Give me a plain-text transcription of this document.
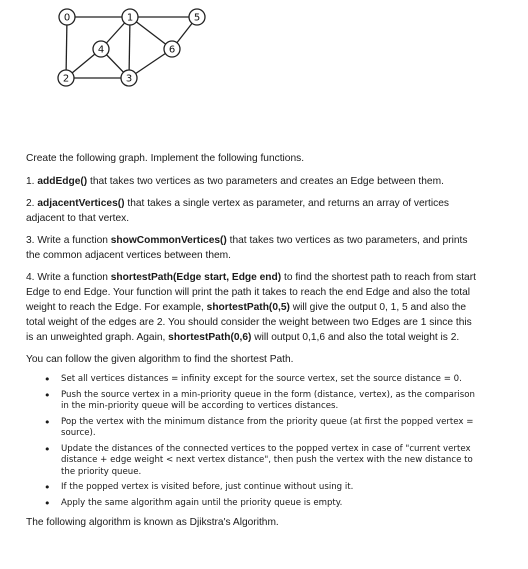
0	1	5
4	6
2	3

Create the following graph. Implement the following functions.

1. addEdge() that takes two vertices as two parameters and creates an Edge between them.

2. adjacentVertices() that takes a single vertex as parameter, and returns an array of vertices adjacent to that vertex.

3. Write a function showCommonVertices() that takes two vertices as two parameters, and prints the common adjacent vertices between them.

4. Write a function shortestPath(Edge start, Edge end) to find the shortest path to reach from start Edge to end Edge. Your function will print the path it takes to reach the end Edge and also the total weight to reach the Edge. For example, shortestPath(0,5) will give the output 0, 1, 5 and also the total weight of the edges are 2. You should consider the weight between two Edges are 1 since this is an unweighted graph. Again, shortestPath(0,6) will output 0,1,6 and also the total weight is 2.

You can follow the given algorithm to find the shortest Path.

• Set all vertices distances = infinity except for the source vertex, set the source distance = 0.
• Push the source vertex in a min-priority queue in the form (distance, vertex), as the comparison in the min-priority queue will be according to vertices distances.
• Pop the vertex with the minimum distance from the priority queue (at first the popped vertex = source).
• Update the distances of the connected vertices to the popped vertex in case of "current vertex distance + edge weight < next vertex distance", then push the vertex with the new distance to the priority queue.
• If the popped vertex is visited before, just continue without using it.
• Apply the same algorithm again until the priority queue is empty.

The following algorithm is known as Djikstra's Algorithm.
